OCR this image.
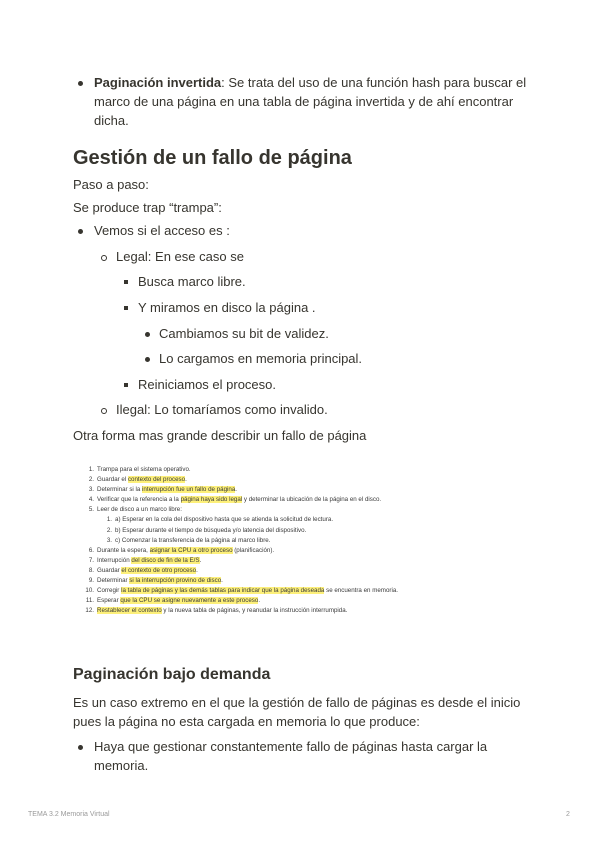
Paginación invertida: Se trata del uso de una función hash para buscar el
marco de una página en una tabla de página invertida y de ahí encontrar
dicha.
Gestión de un fallo de página
Paso a paso:
Se produce trap “trampa”:
Vemos si el acceso es :
Legal: En ese caso se
Busca marco libre.
Y miramos en disco la página .
Cambiamos su bit de validez.
Lo cargamos en memoria principal.
Reiniciamos el proceso.
Ilegal: Lo tomaríamos como invalido.
Otra forma mas grande describir un fallo de página
1. Trampa para el sistema operativo.
2. Guardar el contexto del proceso.
3. Determinar si la interrupción fue un fallo de página.
4. Verificar que la referencia a la página haya sido legal y determinar la ubicación de la página en el disco.
5. Leer de disco a un marco libre:
1. a) Esperar en la cola del dispositivo hasta que se atienda la solicitud de lectura.
2. b) Esperar durante el tiempo de búsqueda y/o latencia del dispositivo.
3. c) Comenzar la transferencia de la página al marco libre.
6. Durante la espera, asignar la CPU a otro proceso (planificación).
7. Interrupción del disco de fin de la E/S.
8. Guardar el contexto de otro proceso.
9. Determinar si la interrupción provino de disco.
10. Corregir la tabla de páginas y las demás tablas para indicar que la página deseada se encuentra en memoria.
11. Esperar que la CPU se asigne nuevamente a este proceso.
12. Restablecer el contexto y la nueva tabla de páginas, y reanudar la instrucción interrumpida.
Paginación bajo demanda
Es un caso extremo en el que la gestión de fallo de páginas es desde el inicio
pues la página no esta cargada en memoria lo que produce:
Haya que gestionar constantemente fallo de páginas hasta cargar la
memoria.
TEMA 3.2 Memoria Virtual	2
